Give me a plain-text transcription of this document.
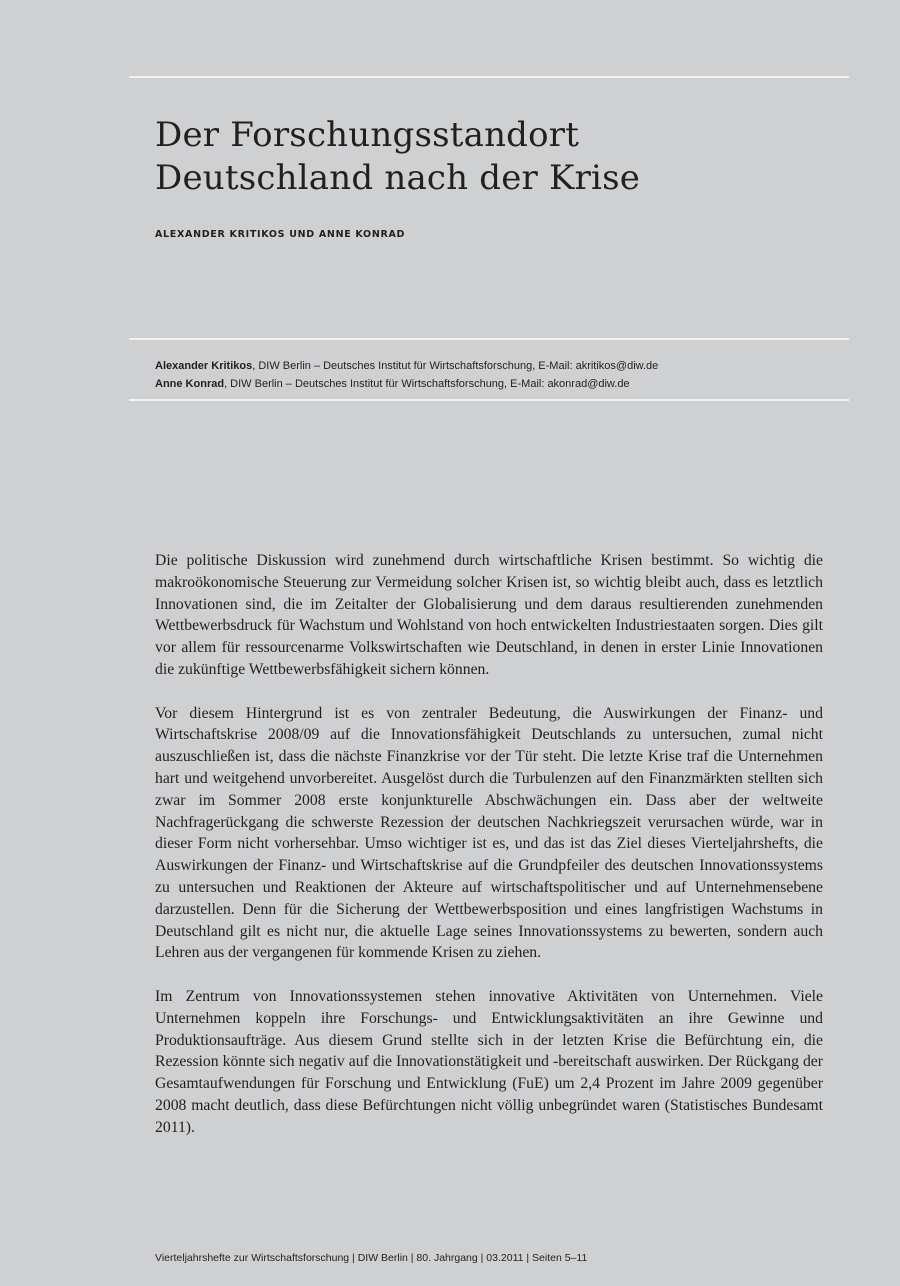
Der Forschungsstandort
Deutschland nach der Krise
ALEXANDER KRITIKOS UND ANNE KONRAD
Alexander Kritikos, DIW Berlin – Deutsches Institut für Wirtschaftsforschung, E-Mail: akritikos@diw.de
Anne Konrad, DIW Berlin – Deutsches Institut für Wirtschaftsforschung, E-Mail: akonrad@diw.de

Die politische Diskussion wird zunehmend durch wirtschaftliche Krisen bestimmt. So wichtig die makroökonomische Steuerung zur Vermeidung solcher Krisen ist, so wichtig bleibt auch, dass es letztlich Innovationen sind, die im Zeitalter der Globalisierung und dem daraus resultierenden zunehmenden Wettbewerbsdruck für Wachstum und Wohlstand von hoch entwickelten Industriestaaten sorgen. Dies gilt vor allem für ressourcenarme Volkswirtschaften wie Deutschland, in denen in erster Linie Innovationen die zukünftige Wettbewerbsfähigkeit sichern können.

Vor diesem Hintergrund ist es von zentraler Bedeutung, die Auswirkungen der Finanz- und Wirtschaftskrise 2008/09 auf die Innovationsfähigkeit Deutschlands zu untersuchen, zumal nicht auszuschließen ist, dass die nächste Finanzkrise vor der Tür steht. Die letzte Krise traf die Unternehmen hart und weitgehend unvorbereitet. Ausgelöst durch die Turbulenzen auf den Finanzmärkten stellten sich zwar im Sommer 2008 erste konjunkturelle Abschwächungen ein. Dass aber der weltweite Nachfragerückgang die schwerste Rezession der deutschen Nachkriegszeit verursachen würde, war in dieser Form nicht vorhersehbar. Umso wichtiger ist es, und das ist das Ziel dieses Vierteljahrshefts, die Auswirkungen der Finanz- und Wirtschaftskrise auf die Grundpfeiler des deutschen Innovationssystems zu untersuchen und Reaktionen der Akteure auf wirtschaftspolitischer und auf Unternehmensebene darzustellen. Denn für die Sicherung der Wettbewerbsposition und eines langfristigen Wachstums in Deutschland gilt es nicht nur, die aktuelle Lage seines Innovationssystems zu bewerten, sondern auch Lehren aus der vergangenen für kommende Krisen zu ziehen.

Im Zentrum von Innovationssystemen stehen innovative Aktivitäten von Unternehmen. Viele Unternehmen koppeln ihre Forschungs- und Entwicklungsaktivitäten an ihre Gewinne und Produktionsaufträge. Aus diesem Grund stellte sich in der letzten Krise die Befürchtung ein, die Rezession könnte sich negativ auf die Innovationstätigkeit und -bereitschaft auswirken. Der Rückgang der Gesamtaufwendungen für Forschung und Entwicklung (FuE) um 2,4 Prozent im Jahre 2009 gegenüber 2008 macht deutlich, dass diese Befürchtungen nicht völlig unbegründet waren (Statistisches Bundesamt 2011).

Vierteljahrshefte zur Wirtschaftsforschung | DIW Berlin | 80. Jahrgang | 03.2011 | Seiten 5–11
